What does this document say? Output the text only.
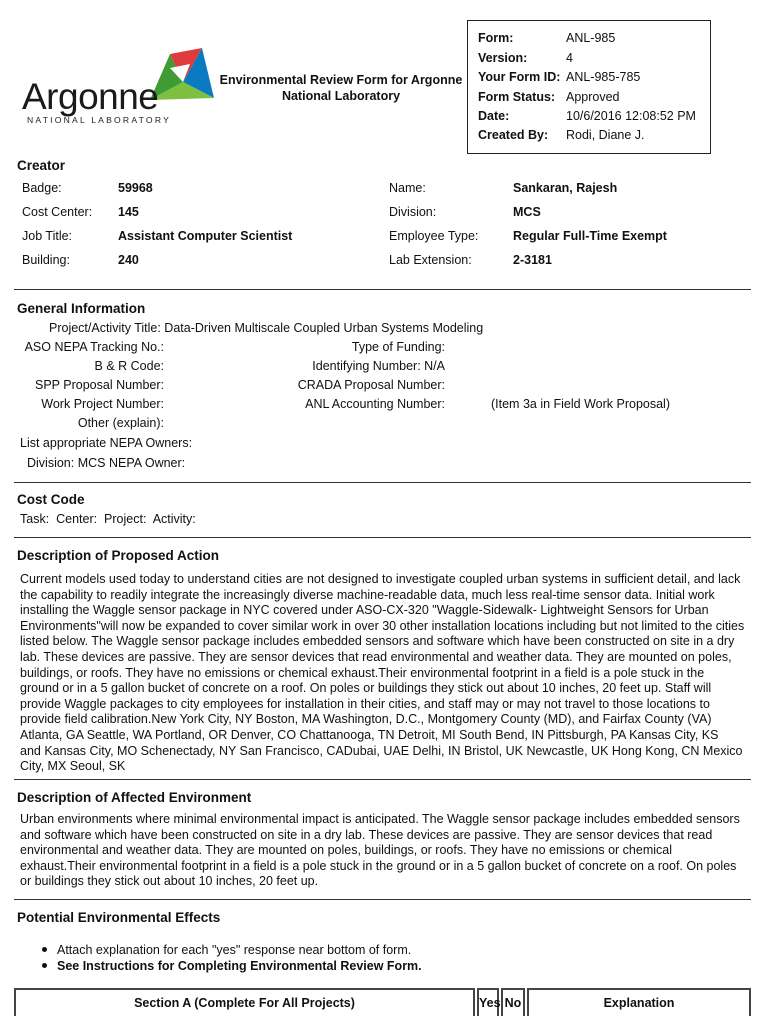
Argonne
NATIONAL LABORATORY
Environmental Review Form for Argonne
National Laboratory
Form:	ANL-985
Version:	4
Your Form ID: ANL-985-785
Form Status: Approved
Date:	10/6/2016 12:08:52 PM
Created By: Rodi, Diane J.
Creator
Badge:	59968	Name:	Sankaran, Rajesh
Cost Center: 145	Division:	MCS
Job Title:	Assistant Computer Scientist	Employee Type:	Regular Full-Time Exempt
Building:	240	Lab Extension:	2-3181
General Information
Project/Activity Title: Data-Driven Multiscale Coupled Urban Systems Modeling
ASO NEPA Tracking No.:
B & R Code:
SPP Proposal Number:
Work Project Number:
Other (explain):
List appropriate NEPA Owners:
Division: MCS NEPA Owner:
Type of Funding:
Identifying Number: N/A
CRADA Proposal Number:
ANL Accounting Number:	(Item 3a in Field Work Proposal)
Cost Code
Task:  Center:  Project:  Activity:
Description of Proposed Action
Current models used today to understand cities are not designed to investigate coupled urban systems in sufficient detail, and lack
the capability to readily integrate the increasingly diverse machine-readable data, much less real-time sensor data. Initial work
installing the Waggle sensor package in NYC covered under ASO-CX-320 "Waggle-Sidewalk- Lightweight Sensors for Urban
Environments"will now be expanded to cover similar work in over 30 other installation locations including but not limited to the cities
listed below. The Waggle sensor package includes embedded sensors and software which have been constructed on site in a dry
lab. These devices are passive. They are sensor devices that read environmental and weather data. They are mounted on poles,
buildings, or roofs. They have no emissions or chemical exhaust.Their environmental footprint in a field is a pole stuck in the
ground or in a 5 gallon bucket of concrete on a roof. On poles or buildings they stick out about 10 inches, 20 feet up. Staff will
provide Waggle packages to city employees for installation in their cities, and staff may or may not travel to those locations to
provide field calibration.New York City, NY Boston, MA Washington, D.C., Montgomery County (MD), and Fairfax County (VA)
Atlanta, GA Seattle, WA Portland, OR Denver, CO Chattanooga, TN Detroit, MI South Bend, IN Pittsburgh, PA Kansas City, KS
and Kansas City, MO Schenectady, NY San Francisco, CADubai, UAE Delhi, IN Bristol, UK Newcastle, UK Hong Kong, CN Mexico
City, MX Seoul, SK
Description of Affected Environment
Urban environments where minimal environmental impact is anticipated. The Waggle sensor package includes embedded sensors
and software which have been constructed on site in a dry lab. These devices are passive. They are sensor devices that read
environmental and weather data. They are mounted on poles, buildings, or roofs. They have no emissions or chemical
exhaust.Their environmental footprint in a field is a pole stuck in the ground or in a 5 gallon bucket of concrete on a roof. On poles
or buildings they stick out about 10 inches, 20 feet up.
Potential Environmental Effects
Attach explanation for each "yes" response near bottom of form.
See Instructions for Completing Environmental Review Form.
Section A (Complete For All Projects)	Yes No	Explanation
